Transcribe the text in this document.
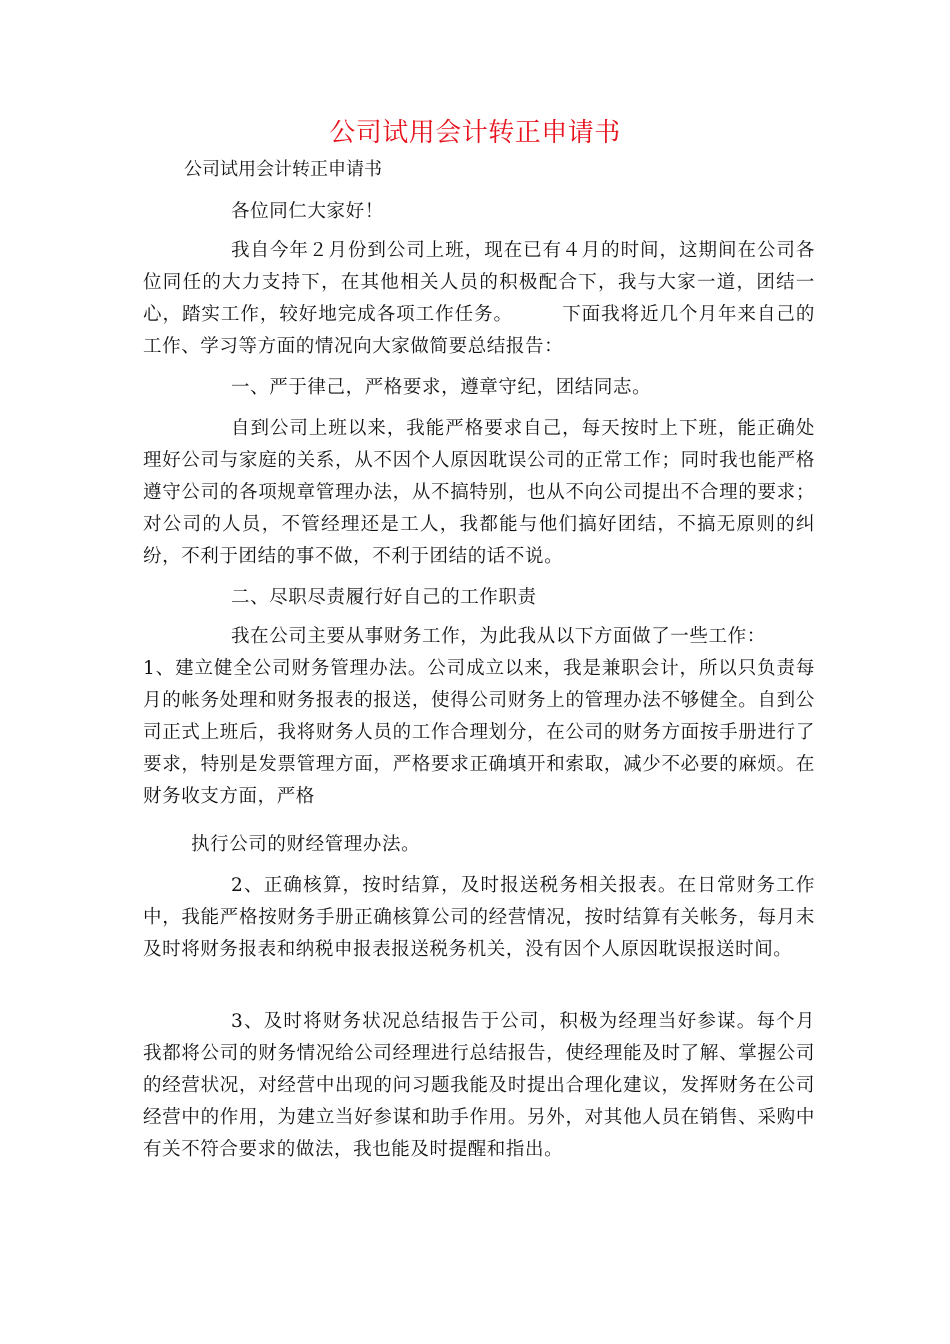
公司试用会计转正申请书
公司试用会计转正申请书

各位同仁大家好！

我自今年２月份到公司上班，现在已有４月的时间，这期间在公司各位同任的大力支持下，在其他相关人员的积极配合下，我与大家一道，团结一心，踏实工作，较好地完成各项工作任务。　　　下面我将近几个月年来自己的工作、学习等方面的情况向大家做简要总结报告：

一、严于律己，严格要求，遵章守纪，团结同志。

自到公司上班以来，我能严格要求自己，每天按时上下班，能正确处理好公司与家庭的关系，从不因个人原因耽误公司的正常工作；同时我也能严格遵守公司的各项规章管理办法，从不搞特别，也从不向公司提出不合理的要求；对公司的人员，不管经理还是工人，我都能与他们搞好团结，不搞无原则的纠纷，不利于团结的事不做，不利于团结的话不说。

二、尽职尽责履行好自己的工作职责

我在公司主要从事财务工作，为此我从以下方面做了一些工作：

1、建立健全公司财务管理办法。公司成立以来，我是兼职会计，所以只负责每月的帐务处理和财务报表的报送，使得公司财务上的管理办法不够健全。自到公司正式上班后，我将财务人员的工作合理划分，在公司的财务方面按手册进行了要求，特别是发票管理方面，严格要求正确填开和索取，减少不必要的麻烦。在财务收支方面，严格

执行公司的财经管理办法。

2、正确核算，按时结算，及时报送税务相关报表。在日常财务工作中，我能严格按财务手册正确核算公司的经营情况，按时结算有关帐务，每月末及时将财务报表和纳税申报表报送税务机关，没有因个人原因耽误报送时间。

3、及时将财务状况总结报告于公司，积极为经理当好参谋。每个月我都将公司的财务情况给公司经理进行总结报告，使经理能及时了解、掌握公司的经营状况，对经营中出现的问习题我能及时提出合理化建议，发挥财务在公司经营中的作用，为建立当好参谋和助手作用。另外，对其他人员在销售、采购中有关不符合要求的做法，我也能及时提醒和指出。
